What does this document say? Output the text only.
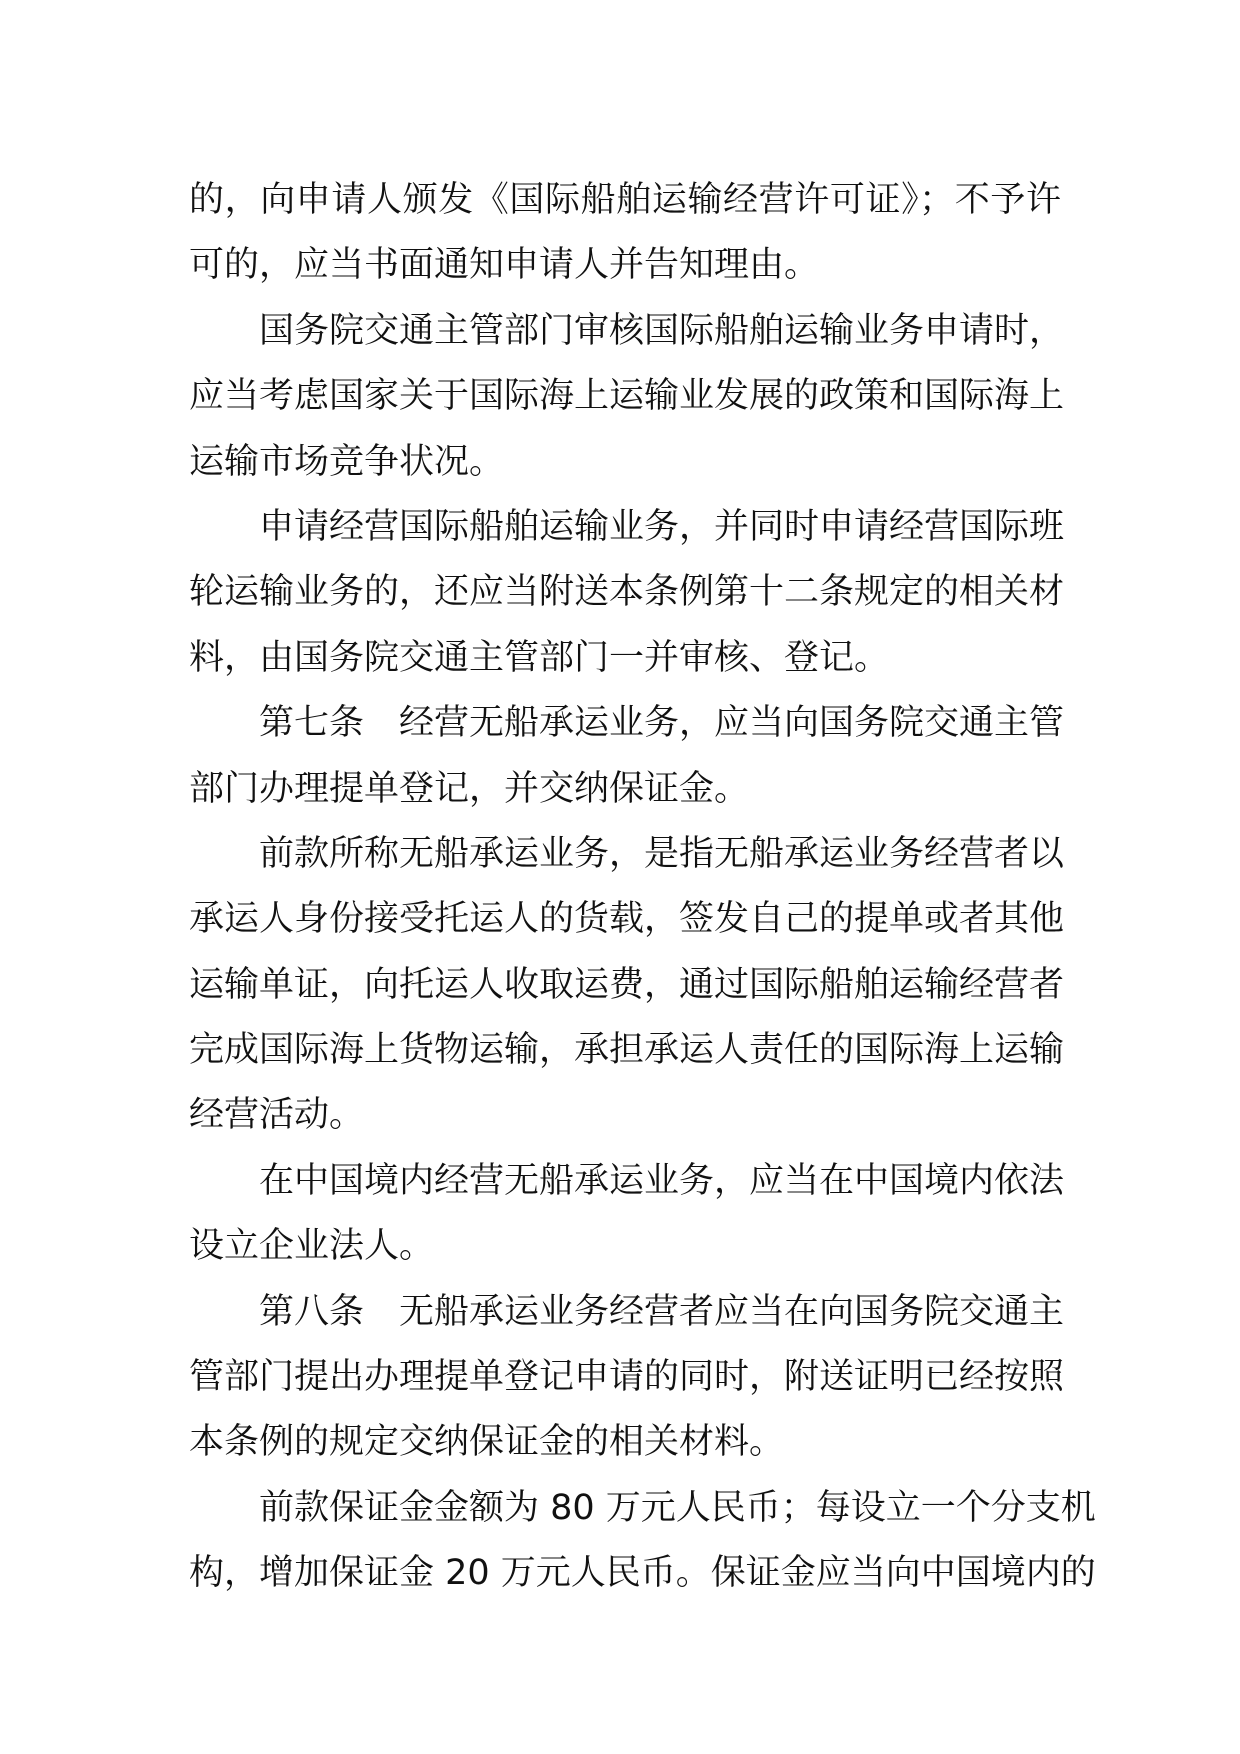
的，向申请人颁发《国际船舶运输经营许可证》；不予许
可的，应当书面通知申请人并告知理由。
国务院交通主管部门审核国际船舶运输业务申请时，
应当考虑国家关于国际海上运输业发展的政策和国际海上
运输市场竞争状况。
申请经营国际船舶运输业务，并同时申请经营国际班
轮运输业务的，还应当附送本条例第十二条规定的相关材
料，由国务院交通主管部门一并审核、登记。
第七条　经营无船承运业务，应当向国务院交通主管
部门办理提单登记，并交纳保证金。
前款所称无船承运业务，是指无船承运业务经营者以
承运人身份接受托运人的货载，签发自己的提单或者其他
运输单证，向托运人收取运费，通过国际船舶运输经营者
完成国际海上货物运输，承担承运人责任的国际海上运输
经营活动。
在中国境内经营无船承运业务，应当在中国境内依法
设立企业法人。
第八条　无船承运业务经营者应当在向国务院交通主
管部门提出办理提单登记申请的同时，附送证明已经按照
本条例的规定交纳保证金的相关材料。
前款保证金金额为 80 万元人民币；每设立一个分支机
构，增加保证金 20 万元人民币。保证金应当向中国境内的
